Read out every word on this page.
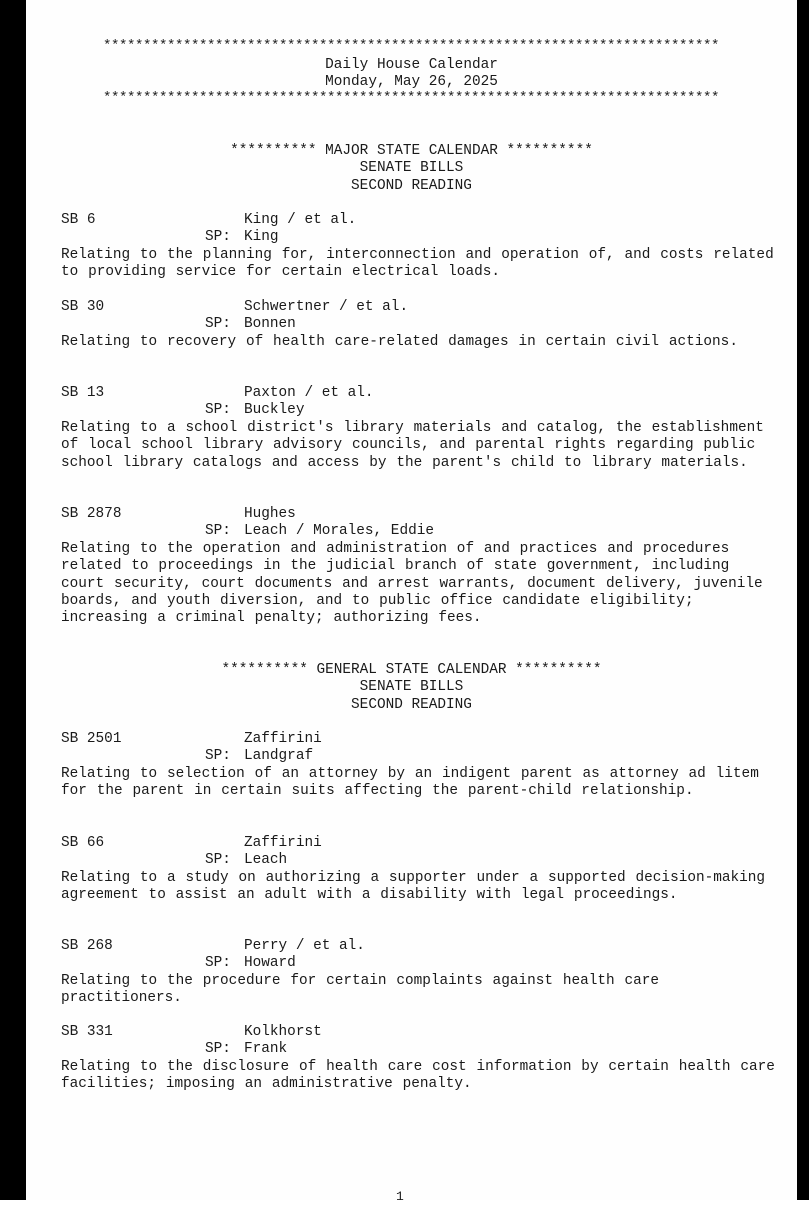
*****************************************************************************
Daily House Calendar
Monday, May 26, 2025
*****************************************************************************
********** MAJOR STATE CALENDAR **********
SENATE BILLS
SECOND READING
SB 6	King / et al.
SP: King
Relating to the planning for, interconnection and operation of, and costs related to providing service for certain electrical loads.
SB 30	Schwertner / et al.
SP: Bonnen
Relating to recovery of health care-related damages in certain civil actions.
SB 13	Paxton / et al.
SP: Buckley
Relating to a school district's library materials and catalog, the establishment of local school library advisory councils, and parental rights regarding public school library catalogs and access by the parent's child to library materials.
SB 2878	Hughes
SP: Leach / Morales, Eddie
Relating to the operation and administration of and practices and procedures related to proceedings in the judicial branch of state government, including court security, court documents and arrest warrants, document delivery, juvenile boards, and youth diversion, and to public office candidate eligibility; increasing a criminal penalty; authorizing fees.
********** GENERAL STATE CALENDAR **********
SENATE BILLS
SECOND READING
SB 2501	Zaffirini
SP: Landgraf
Relating to selection of an attorney by an indigent parent as attorney ad litem for the parent in certain suits affecting the parent-child relationship.
SB 66	Zaffirini
SP: Leach
Relating to a study on authorizing a supporter under a supported decision-making agreement to assist an adult with a disability with legal proceedings.
SB 268	Perry / et al.
SP: Howard
Relating to the procedure for certain complaints against health care practitioners.
SB 331	Kolkhorst
SP: Frank
Relating to the disclosure of health care cost information by certain health care facilities; imposing an administrative penalty.
1
